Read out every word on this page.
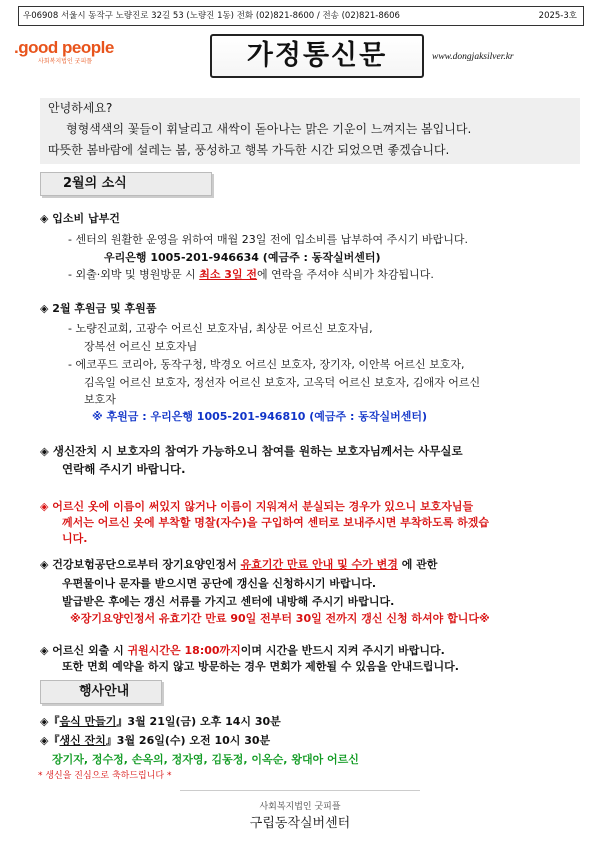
우06908 서울시 동작구 노량진로 32길 53 (노량진 1동) 전화 (02)821-8600 / 전송 (02)821-8606	2025-3호
.good people
사회복지법인 굿피플	가정통신문	www.dongjaksilver.kr
안녕하세요?
형형색색의 꽃들이 휘날리고 새싹이 돋아나는 맑은 기운이 느껴지는 봄입니다.
따뜻한 봄바람에 설레는 봄, 풍성하고 행복 가득한 시간 되었으면 좋겠습니다.
2월의 소식
◈ 입소비 납부건
- 센터의 원활한 운영을 위하여 매월 23일 전에 입소비를 납부하여 주시기 바랍니다.
우리은행 1005-201-946634 (예금주 : 동작실버센터)
- 외출·외박 및 병원방문 시 최소 3일 전에 연락을 주셔야 식비가 차감됩니다.
◈ 2월 후원금 및 후원품
- 노량진교회, 고광수 어르신 보호자님, 최상문 어르신 보호자님,
장복선 어르신 보호자님
- 에코푸드 코리아, 동작구청, 박경오 어르신 보호자, 장기자, 이안복 어르신 보호자,
김옥일 어르신 보호자, 정선자 어르신 보호자, 고옥덕 어르신 보호자, 김애자 어르신
보호자
※ 후원금 : 우리은행 1005-201-946810 (예금주 : 동작실버센터)
◈ 생신잔치 시 보호자의 참여가 가능하오니 참여를 원하는 보호자님께서는 사무실로
연락해 주시기 바랍니다.
◈ 어르신 옷에 이름이 써있지 않거나 이름이 지워져서 분실되는 경우가 있으니 보호자님들
께서는 어르신 옷에 부착할 명찰(자수)을 구입하여 센터로 보내주시면 부착하도록 하겠습
니다.
◈ 건강보험공단으로부터 장기요양인정서 유효기간 만료 안내 및 수가 변경 에 관한
우편물이나 문자를 받으시면 공단에 갱신을 신청하시기 바랍니다.
발급받은 후에는 갱신 서류를 가지고 센터에 내방해 주시기 바랍니다.
※장기요양인정서 유효기간 만료 90일 전부터 30일 전까지 갱신 신청 하셔야 합니다※
◈ 어르신 외출 시 귀원시간은 18:00까지이며 시간을 반드시 지켜 주시기 바랍니다.
또한 면회 예약을 하지 않고 방문하는 경우 면회가 제한될 수 있음을 안내드립니다.
행사안내
◈『음식 만들기』3월 21일(금) 오후 14시 30분
◈『생신 잔치』3월 26일(수) 오전 10시 30분
장기자, 정수정, 손옥의, 정자영, 김동정, 이옥순, 왕대아 어르신
* 생신을 진심으로 축하드립니다 *
사회복지법인 굿피플
구립동작실버센터
